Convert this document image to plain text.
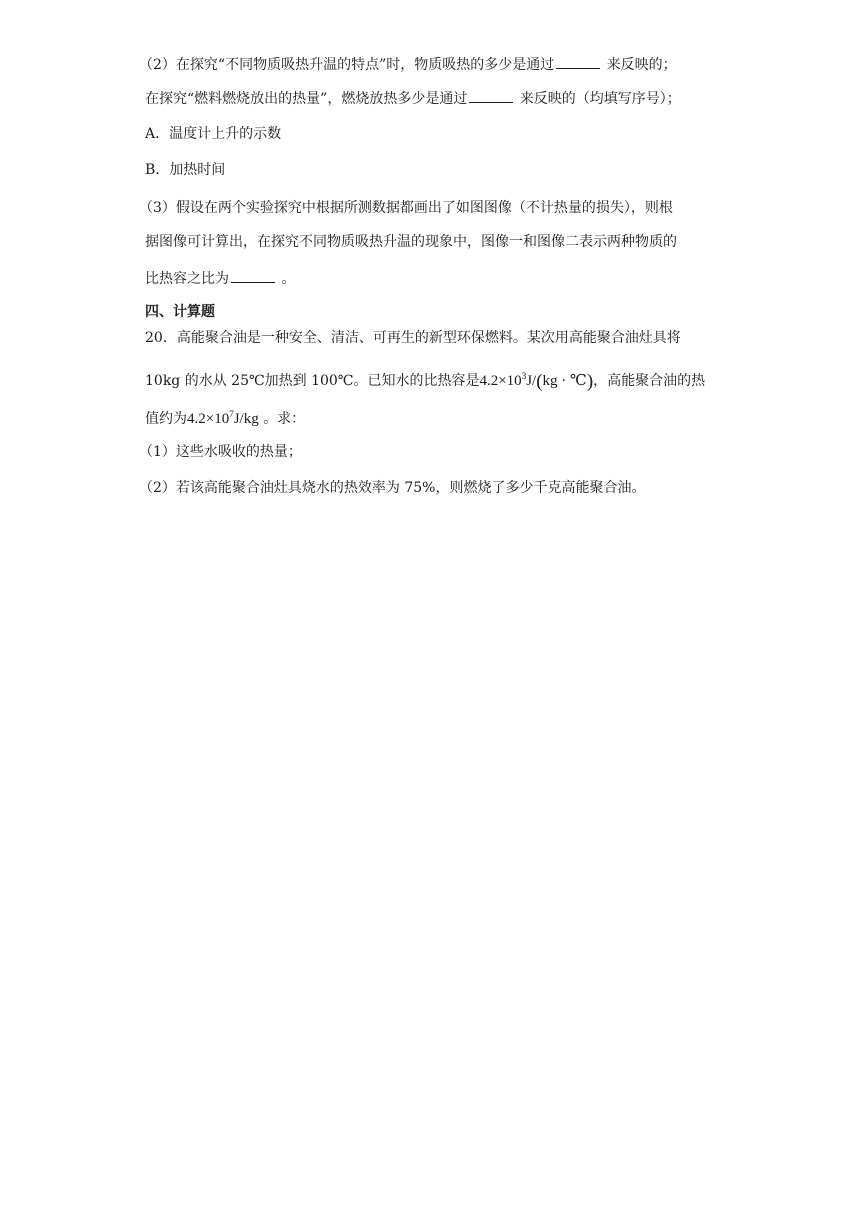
（2）在探究“不同物质吸热升温的特点”时，物质吸热的多少是通过	来反映的；
在探究“燃料燃烧放出的热量”，燃烧放热多少是通过	来反映的（均填写序号）；
A．温度计上升的示数
B．加热时间
（3）假设在两个实验探究中根据所测数据都画出了如图图像（不计热量的损失），则根
据图像可计算出，在探究不同物质吸热升温的现象中，图像一和图像二表示两种物质的
比热容之比为	。
四、计算题
20．高能聚合油是一种安全、清洁、可再生的新型环保燃料。某次用高能聚合油灶具将
10kg 的水从 25℃加热到 100℃。已知水的比热容是$4.2\times 10^3J/(kg$ · ℃)，高能聚合油的热
值约为$4.2\times 10^7J/kg$ 。求：
（1）这些水吸收的热量；
（2）若该高能聚合油灶具烧水的热效率为 75%，则燃烧了多少千克高能聚合油。
